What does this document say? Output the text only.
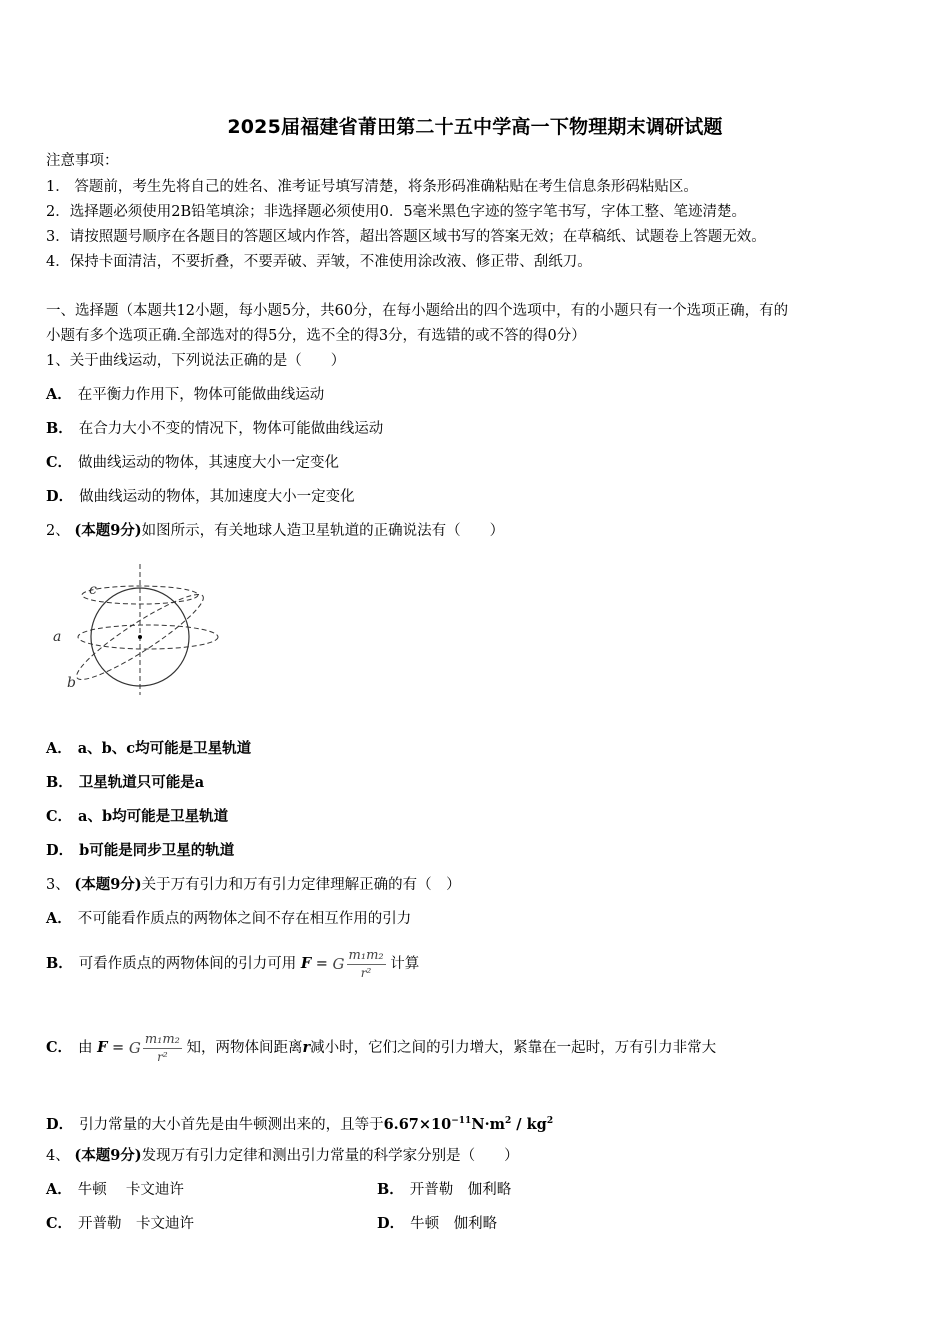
2025届福建省莆田第二十五中学高一下物理期末调研试题
注意事项：
1． 答题前，考生先将自己的姓名、准考证号填写清楚，将条形码准确粘贴在考生信息条形码粘贴区。
2．选择题必须使用2B铅笔填涂；非选择题必须使用0．5毫米黑色字迹的签字笔书写，字体工整、笔迹清楚。
3．请按照题号顺序在各题目的答题区域内作答，超出答题区域书写的答案无效；在草稿纸、试题卷上答题无效。
4．保持卡面清洁，不要折叠，不要弄破、弄皱，不准使用涂改液、修正带、刮纸刀。
一、选择题（本题共12小题，每小题5分，共60分，在每小题给出的四个选项中，有的小题只有一个选项正确，有的
小题有多个选项正确.全部选对的得5分，选不全的得3分，有选错的或不答的得0分）
1、关于曲线运动，下列说法正确的是（　　）
A． 在平衡力作用下，物体可能做曲线运动
B． 在合力大小不变的情况下，物体可能做曲线运动
C． 做曲线运动的物体，其速度大小一定变化
D． 做曲线运动的物体，其加速度大小一定变化
2、 (本题9分)如图所示，有关地球人造卫星轨道的正确说法有（　　）
c
a
b
A． a、b、c均可能是卫星轨道
B． 卫星轨道只可能是a
C． a、b均可能是卫星轨道
D． b可能是同步卫星的轨道
3、 (本题9分)关于万有引力和万有引力定律理解正确的有（　）
A． 不可能看作质点的两物体之间不存在相互作用的引力
B． 可看作质点的两物体间的引力可用 F = G $\frac{\text{m₁m₂}}{\text{r²}}$ 计算
C． 由 F = G $\frac{\text{m₁m₂}}{\text{r²}}$ 知，两物体间距离r减小时，它们之间的引力增大，紧靠在一起时，万有引力非常大
D． 引力常量的大小首先是由牛顿测出来的，且等于$6.67\times 10^{-11}N\cdot m^2 / kg^2$
4、 (本题9分)发现万有引力定律和测出引力常量的科学家分别是（　　）
A． 牛顿　 卡文迪许	B． 开普勒　伽利略
C． 开普勒　卡文迪许	D． 牛顿　伽利略
